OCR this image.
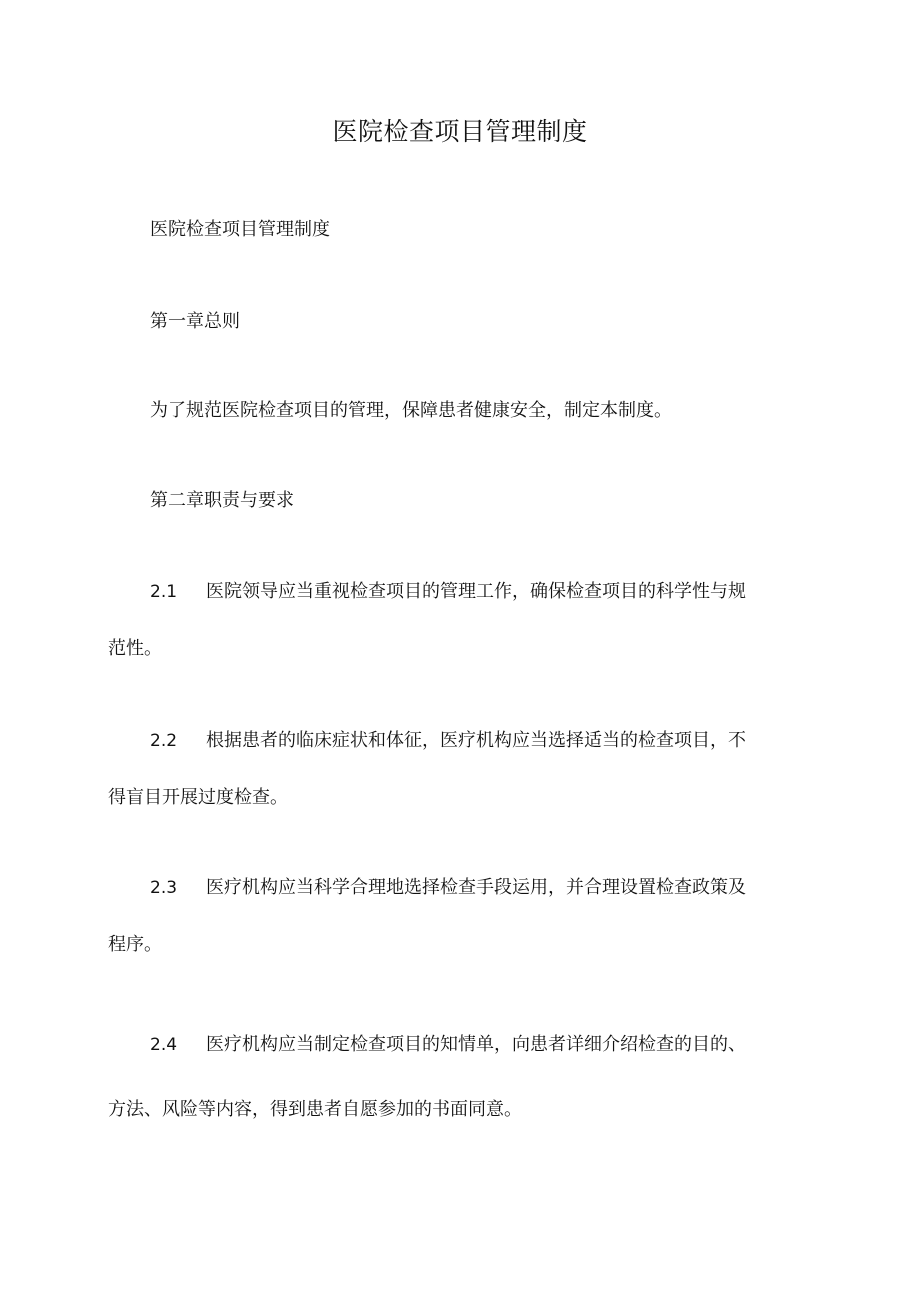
医院检查项目管理制度

医院检查项目管理制度

第一章总则

为了规范医院检查项目的管理，保障患者健康安全，制定本制度。

第二章职责与要求

2.1 医院领导应当重视检查项目的管理工作，确保检查项目的科学性与规

范性。

2.2 根据患者的临床症状和体征，医疗机构应当选择适当的检查项目，不

得盲目开展过度检查。

2.3 医疗机构应当科学合理地选择检查手段运用，并合理设置检查政策及

程序。

2.4 医疗机构应当制定检查项目的知情单，向患者详细介绍检查的目的、

方法、风险等内容，得到患者自愿参加的书面同意。
